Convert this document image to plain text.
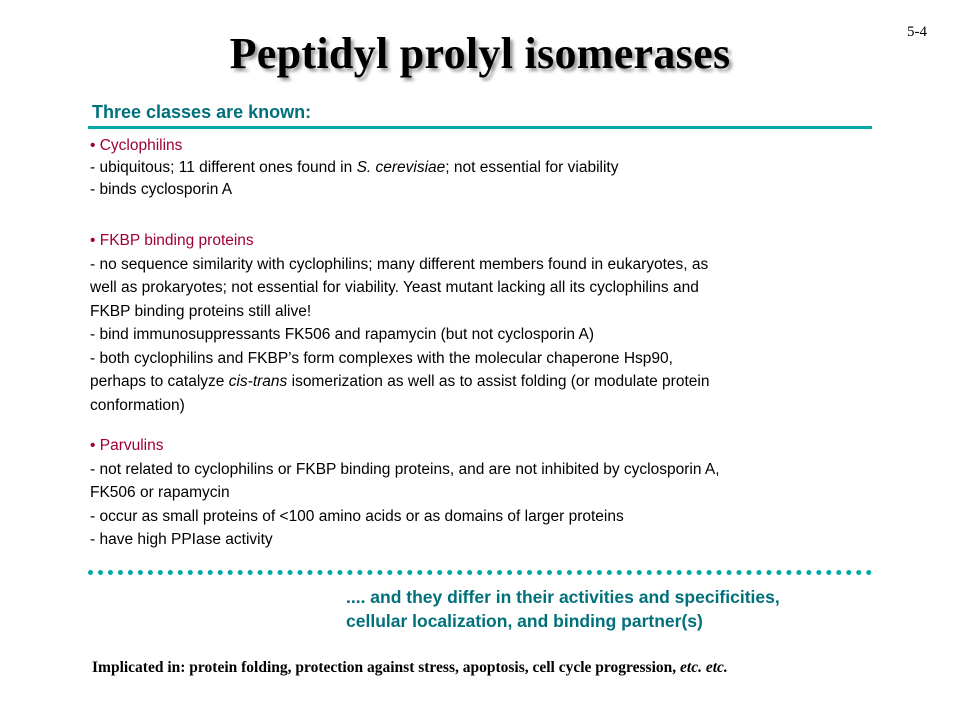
5-4
Peptidyl prolyl isomerases
Three classes are known:
• Cyclophilins
- ubiquitous; 11 different ones found in S. cerevisiae; not essential for viability
- binds cyclosporin A
• FKBP binding proteins
- no sequence similarity with cyclophilins; many different members found in eukaryotes, as
well as prokaryotes; not essential for viability. Yeast mutant lacking all its cyclophilins and
FKBP binding proteins still alive!
- bind immunosuppressants FK506 and rapamycin (but not cyclosporin A)
- both cyclophilins and FKBP’s form complexes with the molecular chaperone Hsp90,
perhaps to catalyze cis-trans isomerization as well as to assist folding (or modulate protein
conformation)
• Parvulins
- not related to cyclophilins or FKBP binding proteins, and are not inhibited by cyclosporin A,
FK506 or rapamycin
- occur as small proteins of <100 amino acids or as domains of larger proteins
- have high PPIase activity
.... and they differ in their activities and specificities,
cellular localization, and binding partner(s)
Implicated in: protein folding, protection against stress, apoptosis, cell cycle progression, etc. etc.
